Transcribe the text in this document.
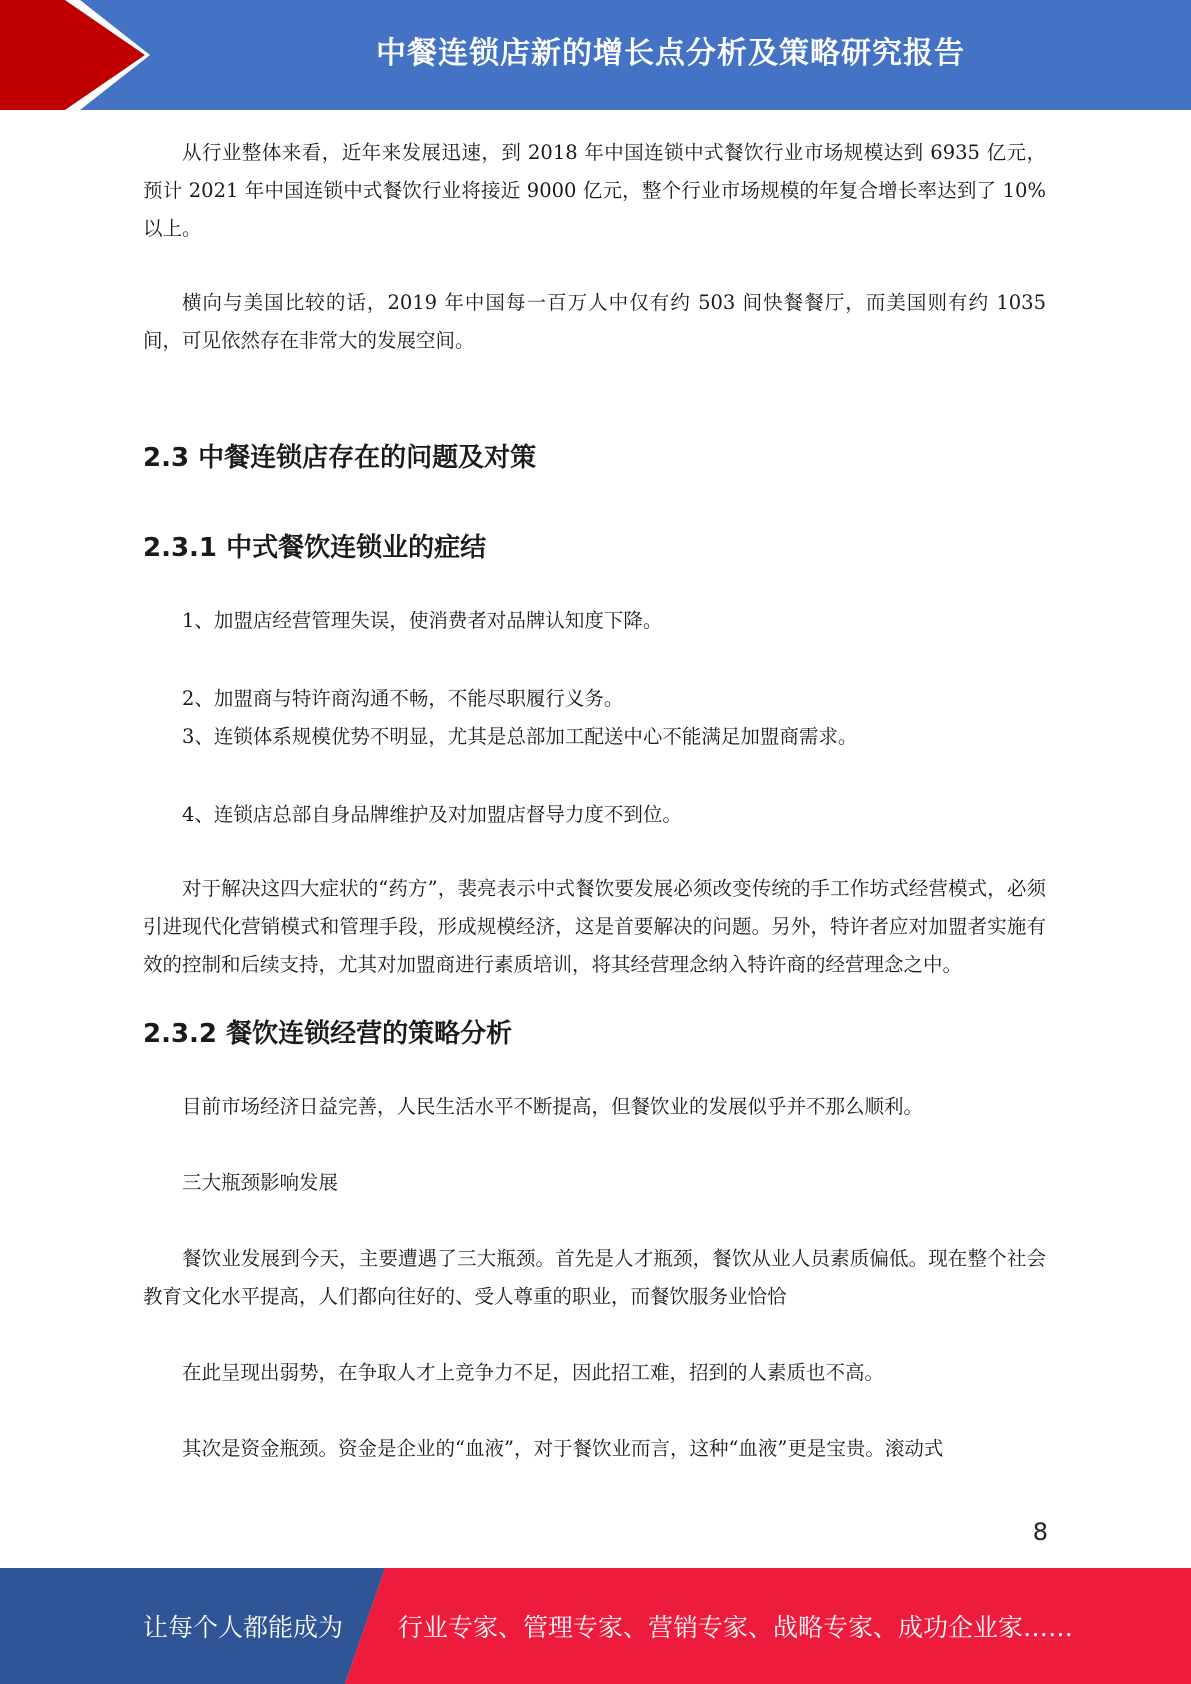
中餐连锁店新的增长点分析及策略研究报告

从行业整体来看，近年来发展迅速，到 2018 年中国连锁中式餐饮行业市场规模达到 6935 亿元，预计 2021 年中国连锁中式餐饮行业将接近 9000 亿元，整个行业市场规模的年复合增长率达到了 10%以上。

横向与美国比较的话，2019 年中国每一百万人中仅有约 503 间快餐餐厅，而美国则有约 1035 间，可见依然存在非常大的发展空间。

2.3 中餐连锁店存在的问题及对策
2.3.1 中式餐饮连锁业的症结

1、加盟店经营管理失误，使消费者对品牌认知度下降。

2、加盟商与特许商沟通不畅，不能尽职履行义务。

3、连锁体系规模优势不明显，尤其是总部加工配送中心不能满足加盟商需求。

4、连锁店总部自身品牌维护及对加盟店督导力度不到位。

对于解决这四大症状的“药方”，裴亮表示中式餐饮要发展必须改变传统的手工作坊式经营模式，必须引进现代化营销模式和管理手段，形成规模经济，这是首要解决的问题。另外，特许者应对加盟者实施有效的控制和后续支持，尤其对加盟商进行素质培训，将其经营理念纳入特许商的经营理念之中。

2.3.2 餐饮连锁经营的策略分析

目前市场经济日益完善，人民生活水平不断提高，但餐饮业的发展似乎并不那么顺利。

三大瓶颈影响发展

餐饮业发展到今天，主要遭遇了三大瓶颈。首先是人才瓶颈，餐饮从业人员素质偏低。现在整个社会教育文化水平提高，人们都向往好的、受人尊重的职业，而餐饮服务业恰恰

在此呈现出弱势，在争取人才上竞争力不足，因此招工难，招到的人素质也不高。

其次是资金瓶颈。资金是企业的“血液”，对于餐饮业而言，这种“血液”更是宝贵。滚动式

8
让每个人都能成为 行业专家、管理专家、营销专家、战略专家、成功企业家……
